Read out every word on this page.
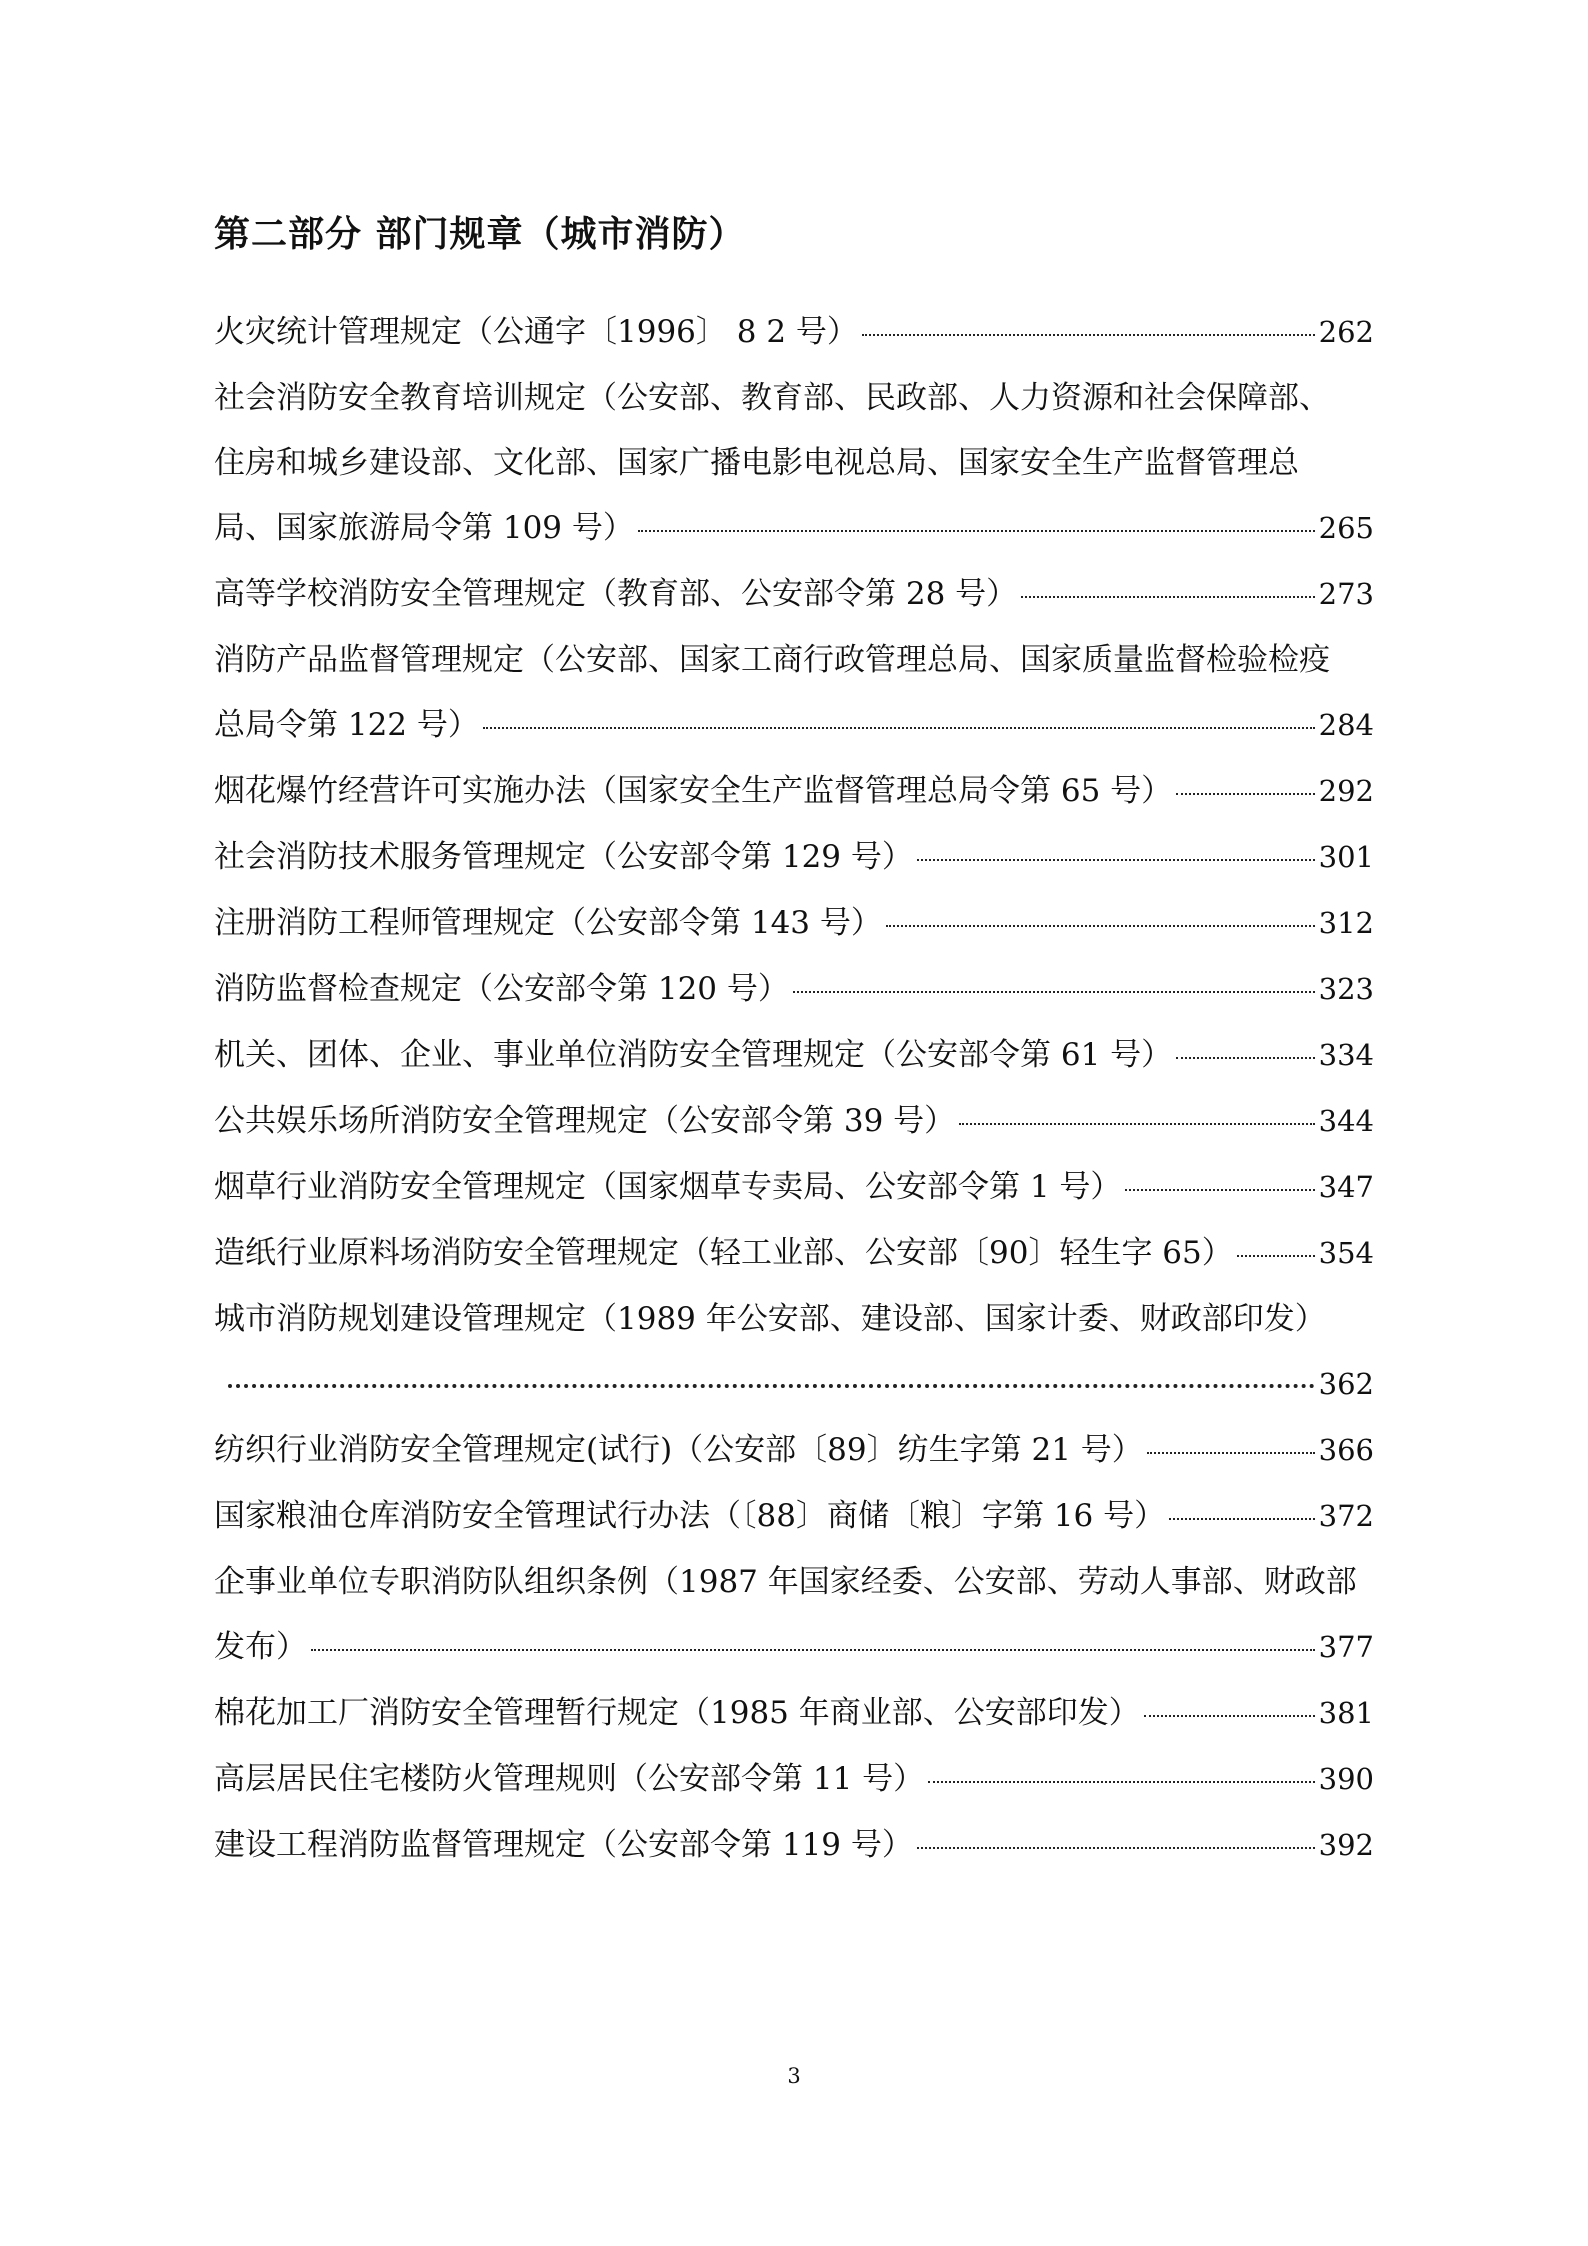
第二部分 部门规章（城市消防）
火灾统计管理规定（公通字〔1996〕 8 2 号）	262
社会消防安全教育培训规定（公安部、教育部、民政部、人力资源和社会保障部、
住房和城乡建设部、文化部、国家广播电影电视总局、国家安全生产监督管理总
局、国家旅游局令第 109 号）	265
高等学校消防安全管理规定（教育部、公安部令第 28 号）	273
消防产品监督管理规定（公安部、国家工商行政管理总局、国家质量监督检验检疫
总局令第 122 号）	284
烟花爆竹经营许可实施办法（国家安全生产监督管理总局令第 65 号）	292
社会消防技术服务管理规定（公安部令第 129 号）	301
注册消防工程师管理规定（公安部令第 143 号）	312
消防监督检查规定（公安部令第 120 号）	323
机关、团体、企业、事业单位消防安全管理规定（公安部令第 61 号）	334
公共娱乐场所消防安全管理规定（公安部令第 39 号）	344
烟草行业消防安全管理规定（国家烟草专卖局、公安部令第 1 号）	347
造纸行业原料场消防安全管理规定（轻工业部、公安部〔90〕轻生字 65）	354
城市消防规划建设管理规定（1989 年公安部、建设部、国家计委、财政部印发）
362
纺织行业消防安全管理规定(试行)（公安部〔89〕纺生字第 21 号）	366
国家粮油仓库消防安全管理试行办法（〔88〕商储〔粮〕字第 16 号）	372
企事业单位专职消防队组织条例（1987 年国家经委、公安部、劳动人事部、财政部
发布）	377
棉花加工厂消防安全管理暂行规定（1985 年商业部、公安部印发）	381
高层居民住宅楼防火管理规则（公安部令第 11 号）	390
建设工程消防监督管理规定（公安部令第 119 号）	392
3
